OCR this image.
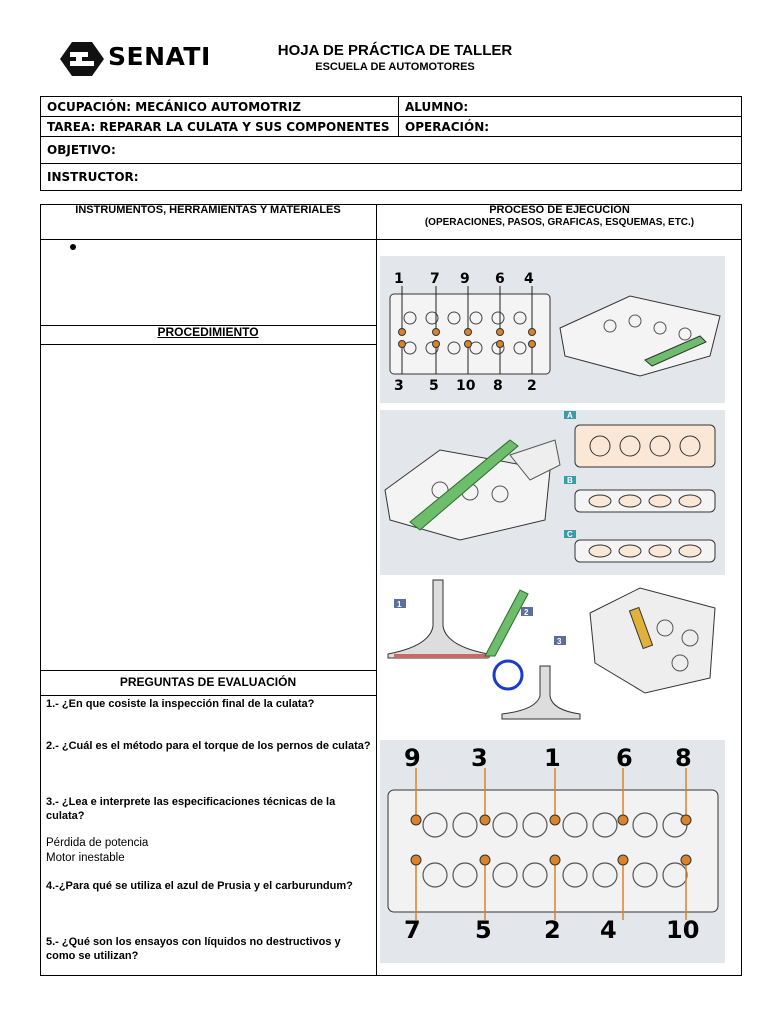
SENATI	HOJA DE PRÁCTICA DE TALLER
ESCUELA DE AUTOMOTORES
OCUPACIÓN: MECÁNICO AUTOMOTRIZ	ALUMNO:
TAREA: REPARAR LA CULATA Y SUS COMPONENTES	OPERACIÓN:
OBJETIVO:	
INSTRUCTOR:	
INSTRUMENTOS, HERRAMIENTAS Y MATERIALES	PROCESO DE EJECUCION
(OPERACIONES, PASOS, GRAFICAS, ESQUEMAS, ETC.)
PROCEDIMIENTO
PREGUNTAS DE EVALUACIÓN
1.- ¿En que cosiste la inspección final de la culata?
2.- ¿Cuál es el método para el torque de los pernos de culata?
3.- ¿Lea e interprete las especificaciones técnicas de la culata?
Pérdida de potencia
Motor inestable
4.-¿Para qué se utiliza el azul de Prusia y el carburundum?
5.- ¿Qué son los ensayos con líquidos no destructivos y como se utilizan?
1 7 9 6 4
3 5 10 8 2
A
B
C
1
2
3
9 3 1 6 8
7 5 2 4 10
